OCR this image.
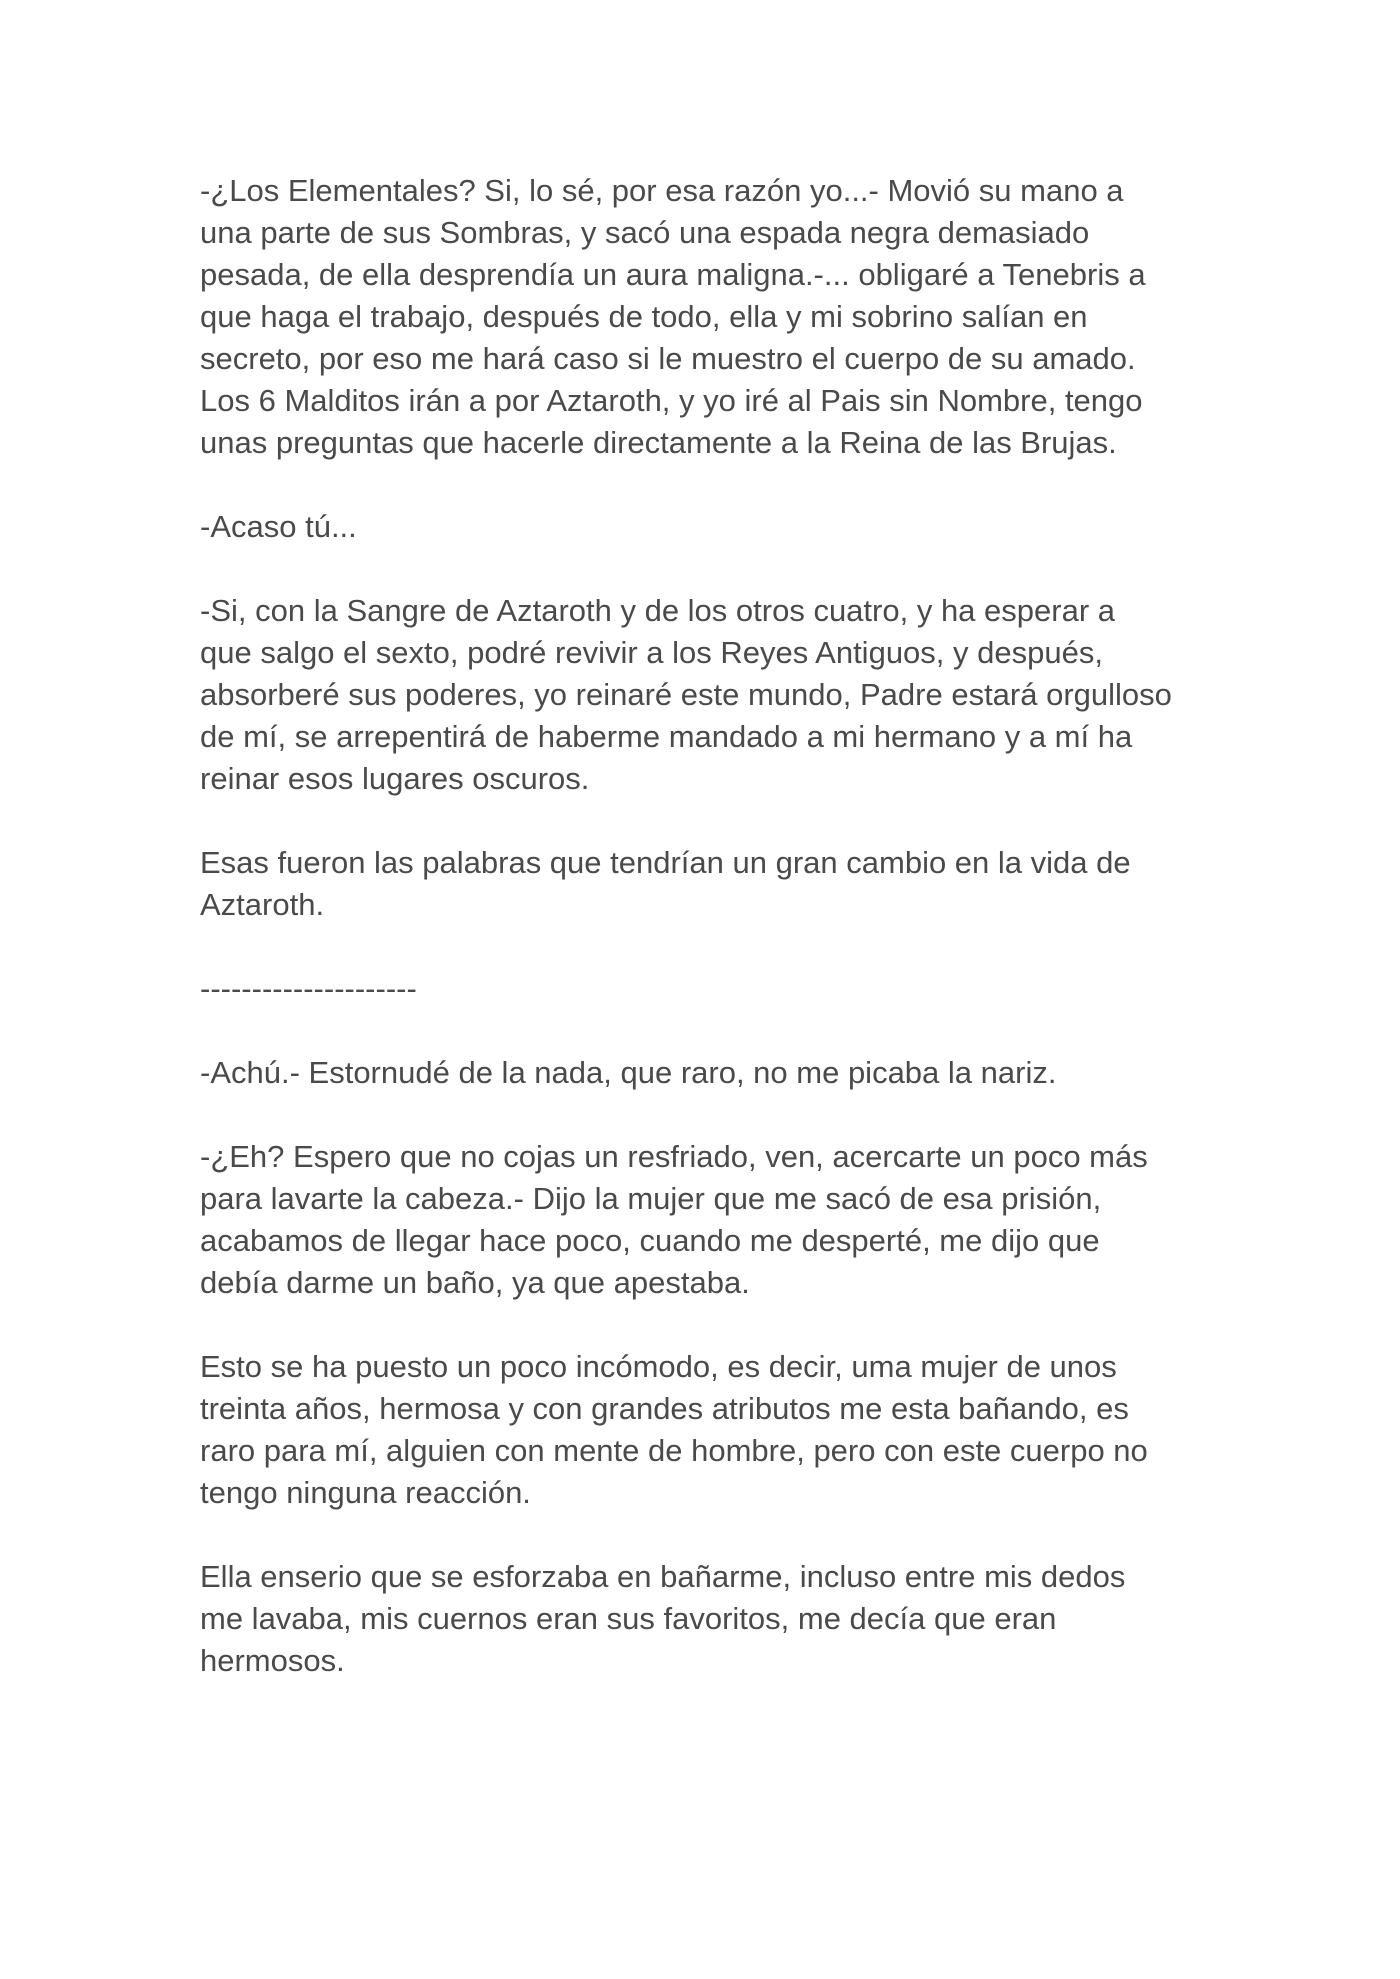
-¿Los Elementales? Si, lo sé, por esa razón yo...- Movió su mano a
una parte de sus Sombras, y sacó una espada negra demasiado
pesada, de ella desprendía un aura maligna.-... obligaré a Tenebris a
que haga el trabajo, después de todo, ella y mi sobrino salían en
secreto, por eso me hará caso si le muestro el cuerpo de su amado.
Los 6 Malditos irán a por Aztaroth, y yo iré al Pais sin Nombre, tengo
unas preguntas que hacerle directamente a la Reina de las Brujas.

-Acaso tú...

-Si, con la Sangre de Aztaroth y de los otros cuatro, y ha esperar a
que salgo el sexto, podré revivir a los Reyes Antiguos, y después,
absorberé sus poderes, yo reinaré este mundo, Padre estará orgulloso
de mí, se arrepentirá de haberme mandado a mi hermano y a mí ha
reinar esos lugares oscuros.

Esas fueron las palabras que tendrían un gran cambio en la vida de
Aztaroth.

---------------------

-Achú.- Estornudé de la nada, que raro, no me picaba la nariz.

-¿Eh? Espero que no cojas un resfriado, ven, acercarte un poco más
para lavarte la cabeza.- Dijo la mujer que me sacó de esa prisión,
acabamos de llegar hace poco, cuando me desperté, me dijo que
debía darme un baño, ya que apestaba.

Esto se ha puesto un poco incómodo, es decir, uma mujer de unos
treinta años, hermosa y con grandes atributos me esta bañando, es
raro para mí, alguien con mente de hombre, pero con este cuerpo no
tengo ninguna reacción.

Ella enserio que se esforzaba en bañarme, incluso entre mis dedos
me lavaba, mis cuernos eran sus favoritos, me decía que eran
hermosos.
